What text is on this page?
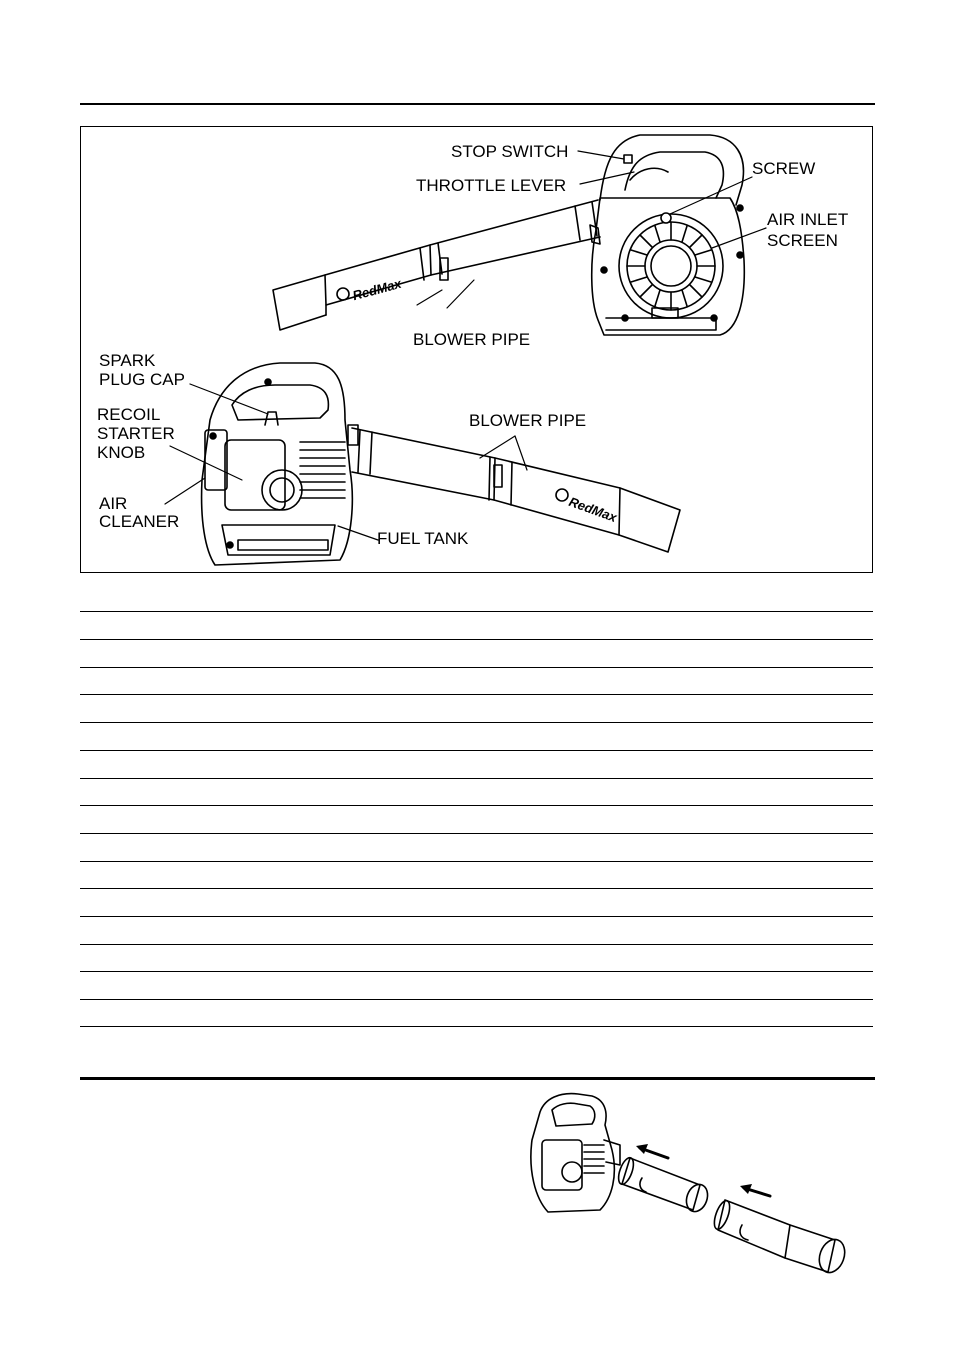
STOP SWITCH
THROTTLE LEVER
SCREW
AIR INLET
SCREEN
BLOWER PIPE
SPARK
PLUG CAP
RECOIL
STARTER
KNOB
AIR
CLEANER
BLOWER PIPE
FUEL TANK
RedMax
RedMax
